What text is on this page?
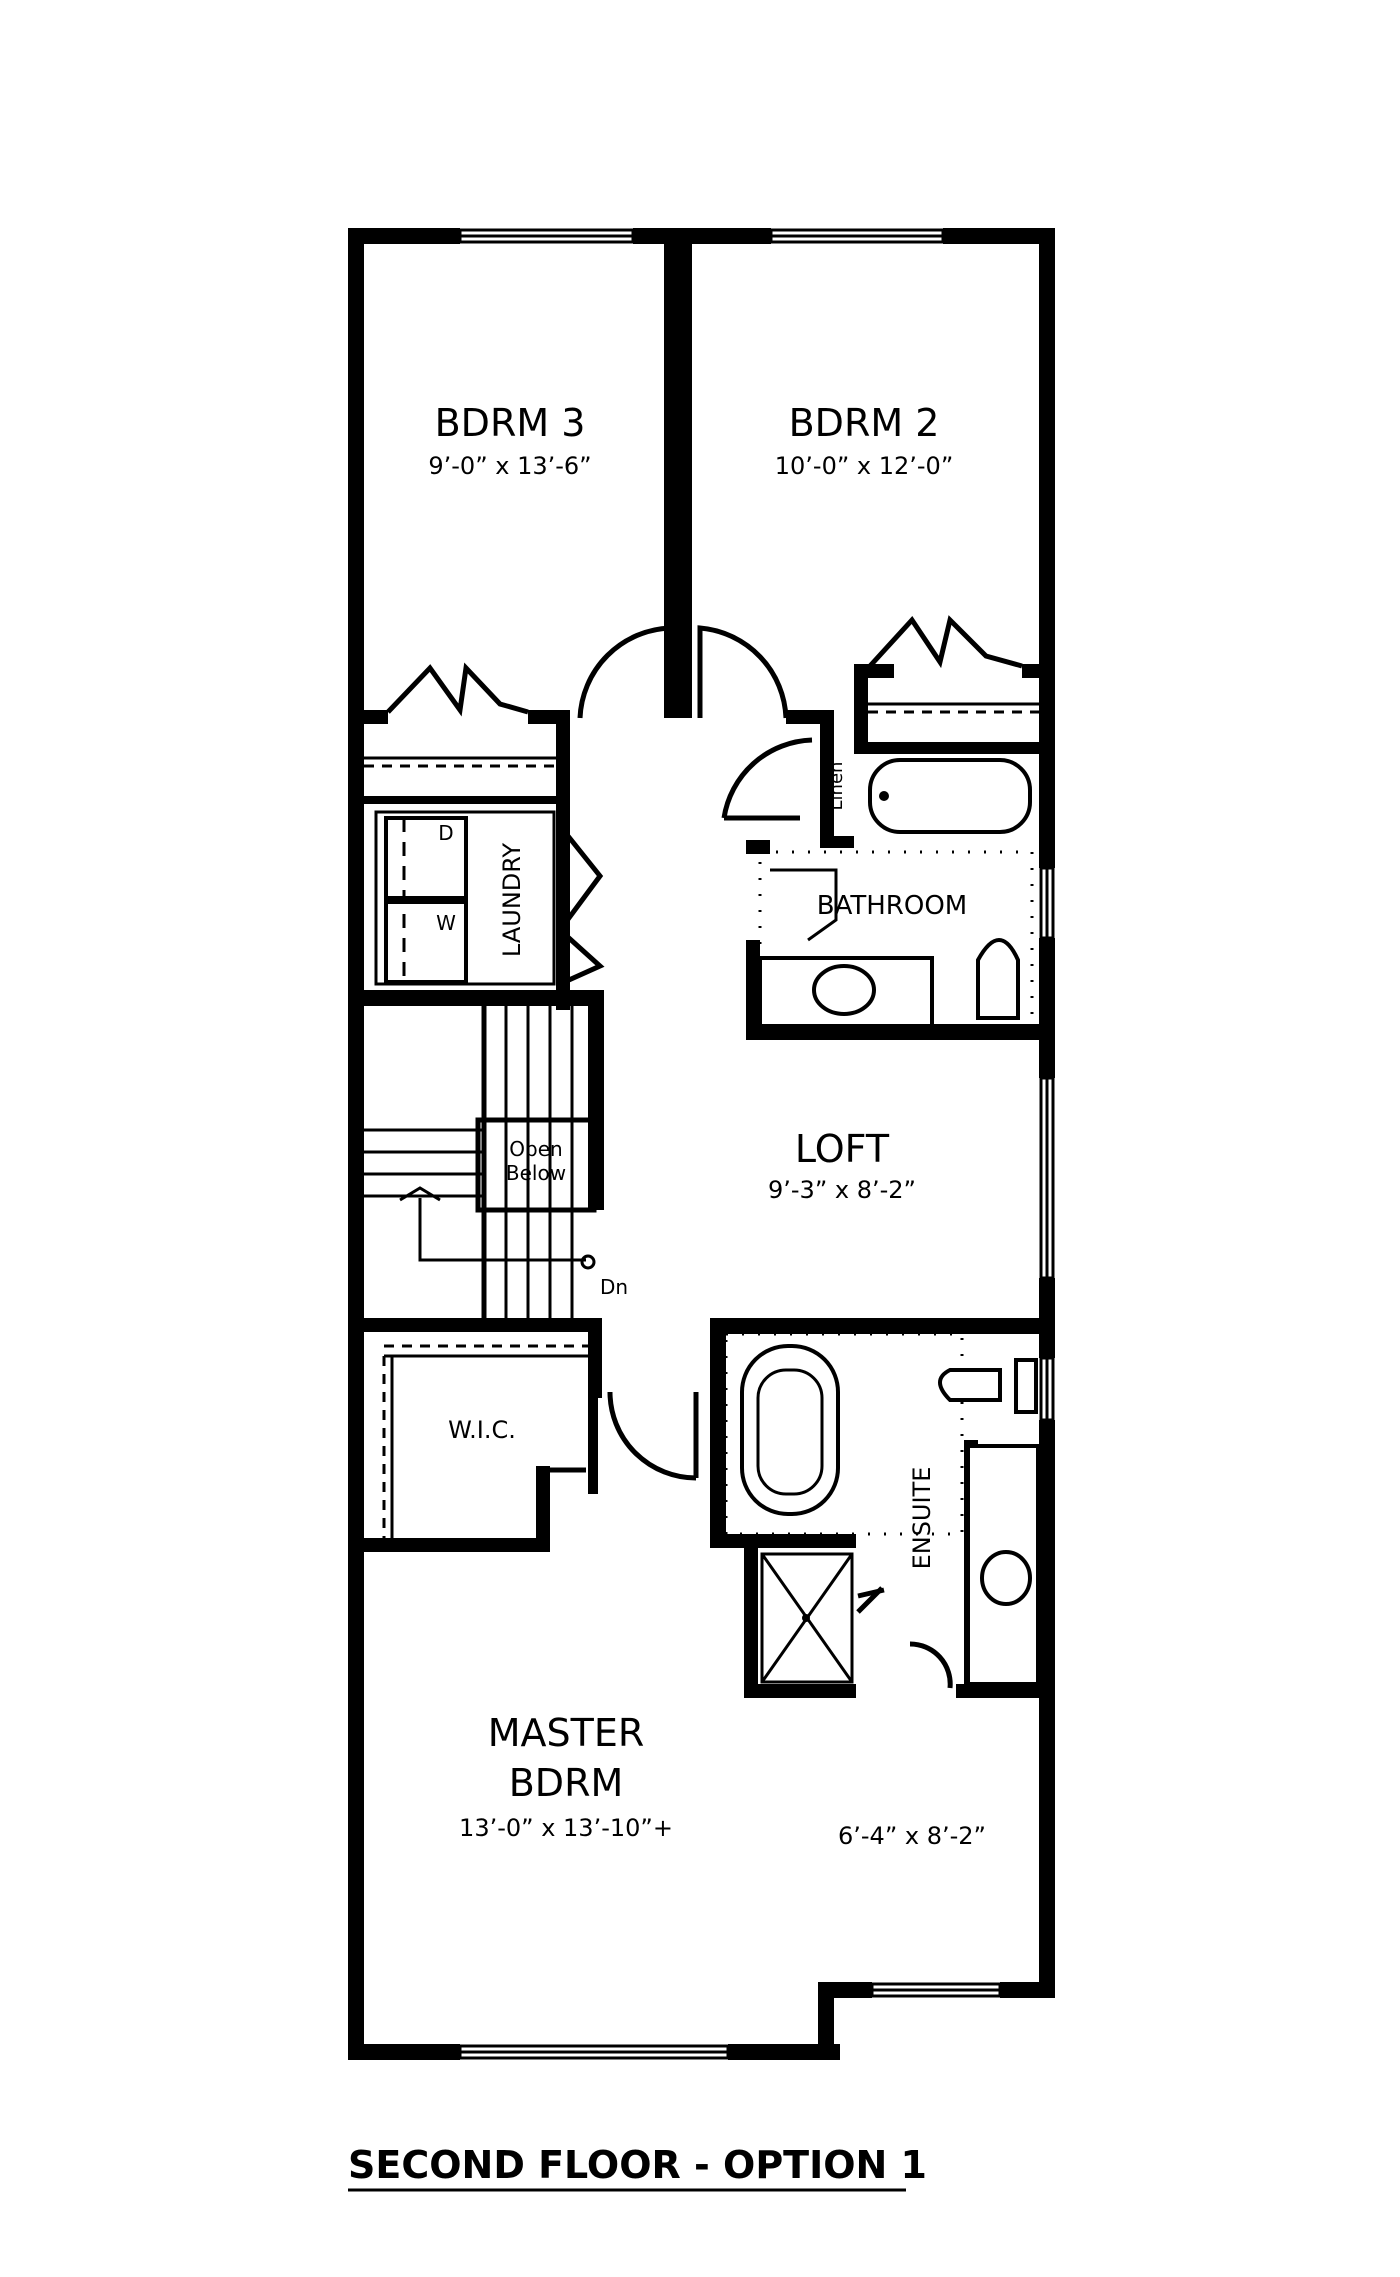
BDRM 3
9’-0” x 13’-6”
BDRM 2
10’-0” x 12’-0”
LAUNDRY
D
W
Linen
BATHROOM
LOFT
9’-3” x 8’-2”
Open
Below
Dn
W.I.C.
ENSUITE
6’-4” x 8’-2”
MASTER
BDRM
13’-0” x 13’-10”+
SECOND FLOOR - OPTION 1
